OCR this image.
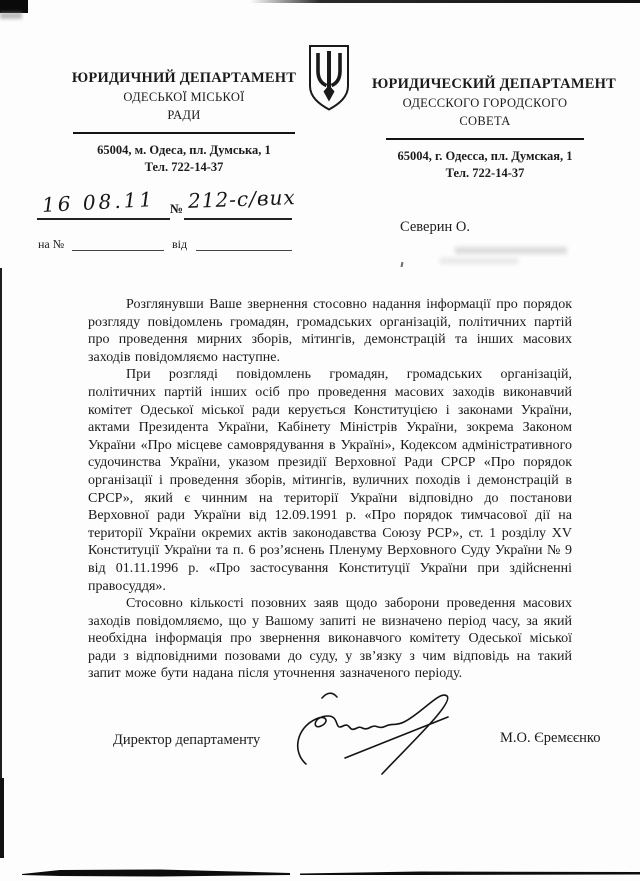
ЮРИДИЧНИЙ ДЕПАРТАМЕНТ
ОДЕСЬКОЇ МІСЬКОЇ
РАДИ
65004, м. Одеса, пл. Думська, 1
Тел. 722-14-37
ЮРИДИЧЕСКИЙ ДЕПАРТАМЕНТ
ОДЕССКОГО ГОРОДСКОГО
СОВЕТА
65004, г. Одесса, пл. Думская, 1
Тел. 722-14-37
16 08.11 № 212-с/вих
на №	від
Северин О.

Розглянувши Ваше звернення стосовно надання інформації про порядок розгляду повідомлень громадян, громадських організацій, політичних партій про проведення мирних зборів, мітингів, демонстрацій та інших масових заходів повідомляємо наступне.

При розгляді повідомлень громадян, громадських організацій, політичних партій інших осіб про проведення масових заходів виконавчий комітет Одеської міської ради керується Конституцією і законами України, актами Президента України, Кабінету Міністрів України, зокрема Законом України «Про місцеве самоврядування в Україні», Кодексом адміністративного судочинства України, указом президії Верховної Ради СРСР «Про порядок організації і проведення зборів, мітингів, вуличних походів і демонстрацій в СРСР», який є чинним на території України відповідно до постанови Верховної ради України від 12.09.1991 р. «Про порядок тимчасової дії на території України окремих актів законодавства Союзу РСР», ст. 1 розділу XV Конституції України та п. 6 роз’яснень Пленуму Верховного Суду України № 9 від 01.11.1996 р. «Про застосування Конституції України при здійсненні правосуддя».

Стосовно кількості позовних заяв щодо заборони проведення масових заходів повідомляємо, що у Вашому запиті не визначено період часу, за який необхідна інформація про звернення виконавчого комітету Одеської міської ради з відповідними позовами до суду, у зв’язку з чим відповідь на такий запит може бути надана після уточнення зазначеного періоду.

Директор департаменту	М.О. Єремєєнко
